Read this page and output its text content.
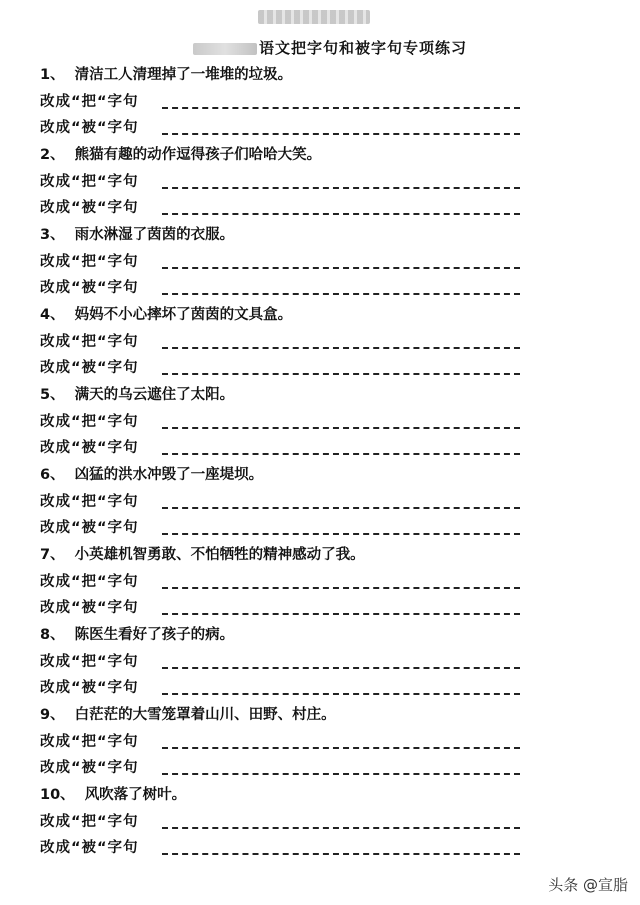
语文把字句和被字句专项练习
1、 清洁工人清理掉了一堆堆的垃圾。
改成“把“字句
改成“被“字句
2、 熊猫有趣的动作逗得孩子们哈哈大笑。
改成“把“字句
改成“被“字句
3、 雨水淋湿了茵茵的衣服。
改成“把“字句
改成“被“字句
4、 妈妈不小心摔坏了茵茵的文具盒。
改成“把“字句
改成“被“字句
5、 满天的乌云遮住了太阳。
改成“把“字句
改成“被“字句
6、 凶猛的洪水冲毁了一座堤坝。
改成“把“字句
改成“被“字句
7、 小英雄机智勇敢、不怕牺牲的精神感动了我。
改成“把“字句
改成“被“字句
8、 陈医生看好了孩子的病。
改成“把“字句
改成“被“字句
9、 白茫茫的大雪笼罩着山川、田野、村庄。
改成“把“字句
改成“被“字句
10、 风吹落了树叶。
改成“把“字句
改成“被“字句
头条 @宣脂
